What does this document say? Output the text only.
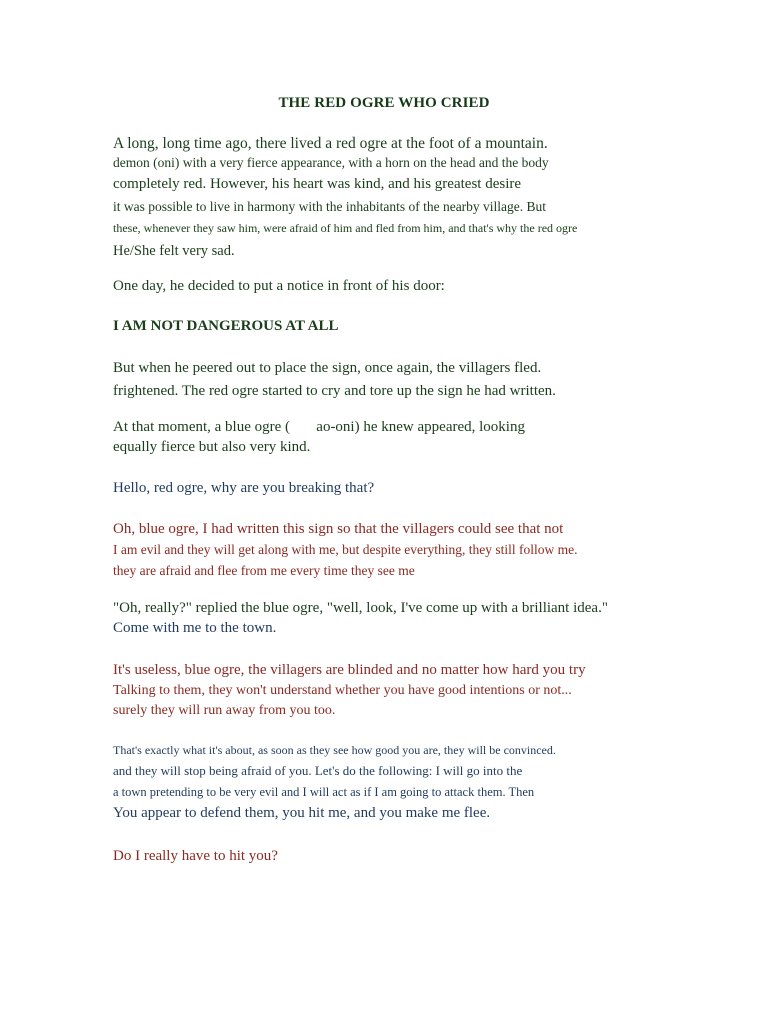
THE RED OGRE WHO CRIED
A long, long time ago, there lived a red ogre at the foot of a mountain.
demon (oni) with a very fierce appearance, with a horn on the head and the body
completely red. However, his heart was kind, and his greatest desire
it was possible to live in harmony with the inhabitants of the nearby village. But
these, whenever they saw him, were afraid of him and fled from him, and that's why the red ogre
He/She felt very sad.
One day, he decided to put a notice in front of his door:
I AM NOT DANGEROUS AT ALL
But when he peered out to place the sign, once again, the villagers fled.
frightened. The red ogre started to cry and tore up the sign he had written.
At that moment, a blue ogre (       ao-oni) he knew appeared, looking
equally fierce but also very kind.
Hello, red ogre, why are you breaking that?
Oh, blue ogre, I had written this sign so that the villagers could see that not
I am evil and they will get along with me, but despite everything, they still follow me.
they are afraid and flee from me every time they see me
"Oh, really?" replied the blue ogre, "well, look, I've come up with a brilliant idea."
Come with me to the town.
It's useless, blue ogre, the villagers are blinded and no matter how hard you try
Talking to them, they won't understand whether you have good intentions or not...
surely they will run away from you too.
That's exactly what it's about, as soon as they see how good you are, they will be convinced.
and they will stop being afraid of you. Let's do the following: I will go into the
a town pretending to be very evil and I will act as if I am going to attack them. Then
You appear to defend them, you hit me, and you make me flee.
Do I really have to hit you?
